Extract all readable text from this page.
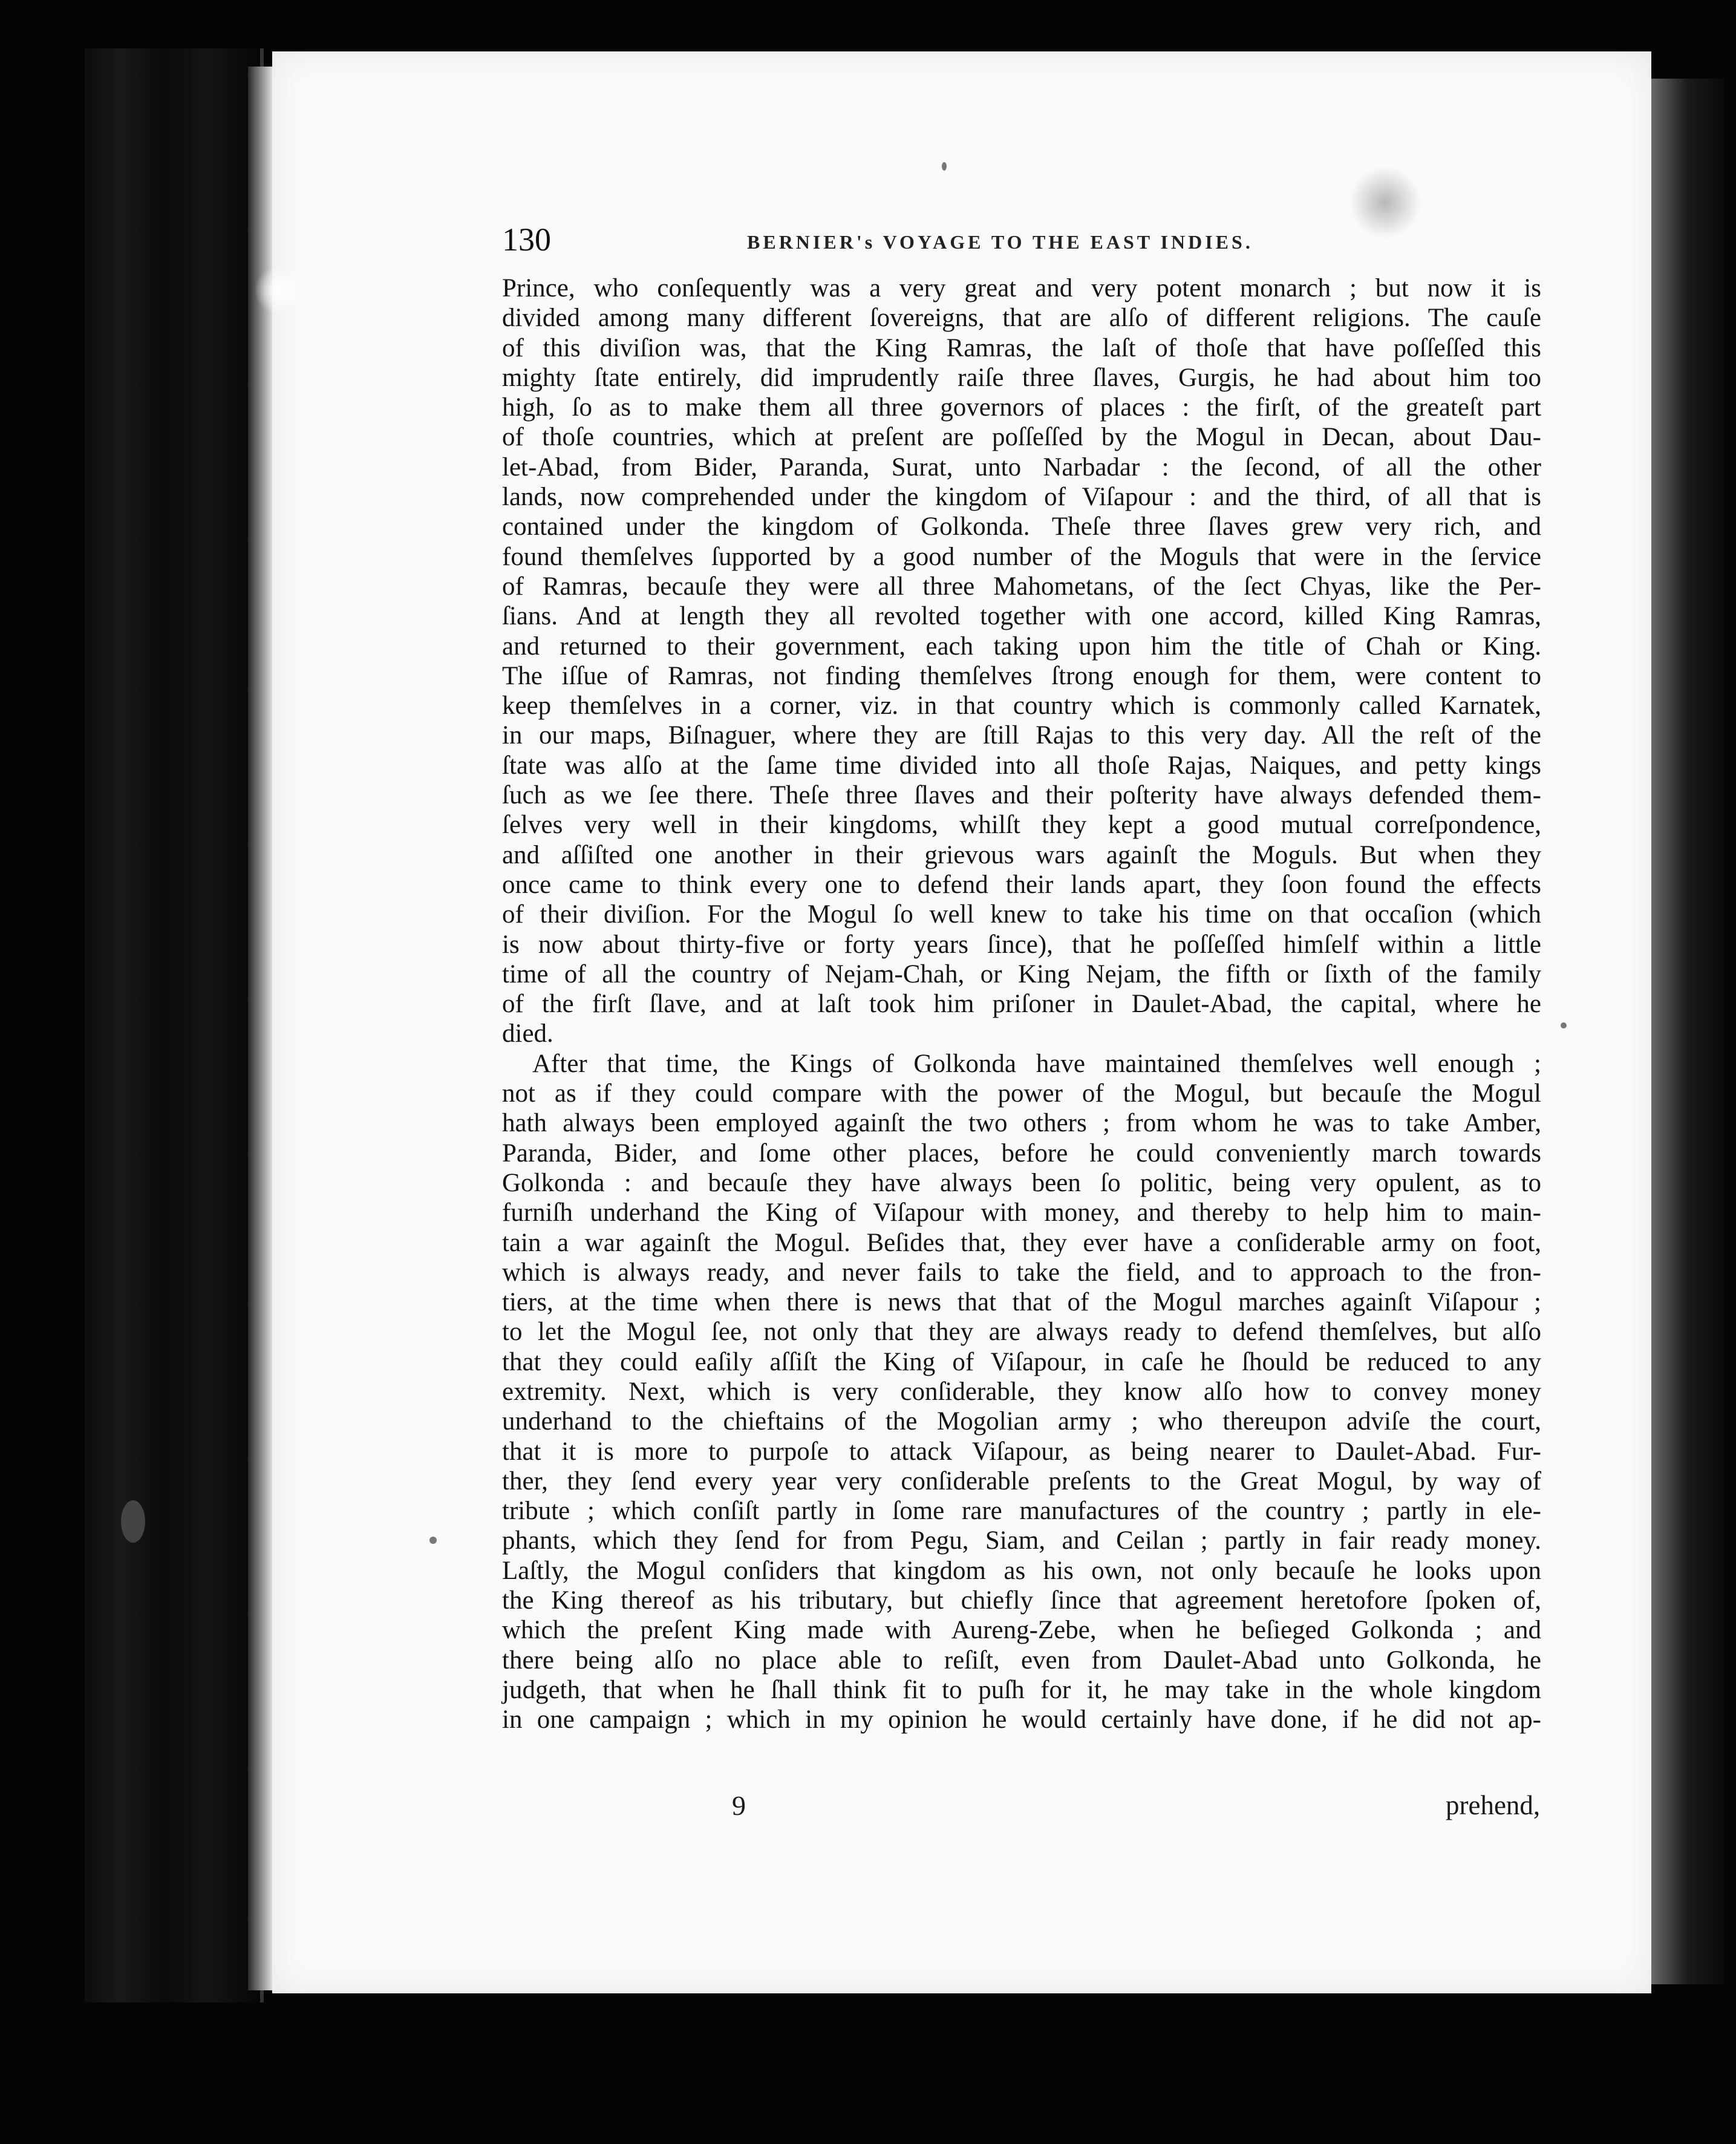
130	BERNIER's VOYAGE TO THE EAST INDIES.
Prince, who conſequently was a very great and very potent monarch ; but now it is
divided among many different ſovereigns, that are alſo of different religions. The cauſe
of this diviſion was, that the King Ramras, the laſt of thoſe that have poſſeſſed this
mighty ſtate entirely, did imprudently raiſe three ſlaves, Gurgis, he had about him too
high, ſo as to make them all three governors of places : the firſt, of the greateſt part
of thoſe countries, which at preſent are poſſeſſed by the Mogul in Decan, about Dau-
let-Abad, from Bider, Paranda, Surat, unto Narbadar : the ſecond, of all the other
lands, now comprehended under the kingdom of Viſapour : and the third, of all that is
contained under the kingdom of Golkonda. Theſe three ſlaves grew very rich, and
found themſelves ſupported by a good number of the Moguls that were in the ſervice
of Ramras, becauſe they were all three Mahometans, of the ſect Chyas, like the Per-
ſians. And at length they all revolted together with one accord, killed King Ramras,
and returned to their government, each taking upon him the title of Chah or King.
The iſſue of Ramras, not finding themſelves ſtrong enough for them, were content to
keep themſelves in a corner, viz. in that country which is commonly called Karnatek,
in our maps, Biſnaguer, where they are ſtill Rajas to this very day. All the reſt of the
ſtate was alſo at the ſame time divided into all thoſe Rajas, Naiques, and petty kings
ſuch as we ſee there. Theſe three ſlaves and their poſterity have always defended them-
ſelves very well in their kingdoms, whilſt they kept a good mutual correſpondence,
and aſſiſted one another in their grievous wars againſt the Moguls. But when they
once came to think every one to defend their lands apart, they ſoon found the effects
of their diviſion. For the Mogul ſo well knew to take his time on that occaſion (which
is now about thirty-five or forty years ſince), that he poſſeſſed himſelf within a little
time of all the country of Nejam-Chah, or King Nejam, the fifth or ſixth of the family
of the firſt ſlave, and at laſt took him priſoner in Daulet-Abad, the capital, where he
died.
After that time, the Kings of Golkonda have maintained themſelves well enough ;
not as if they could compare with the power of the Mogul, but becauſe the Mogul
hath always been employed againſt the two others ; from whom he was to take Amber,
Paranda, Bider, and ſome other places, before he could conveniently march towards
Golkonda : and becauſe they have always been ſo politic, being very opulent, as to
furniſh underhand the King of Viſapour with money, and thereby to help him to main-
tain a war againſt the Mogul. Beſides that, they ever have a conſiderable army on foot,
which is always ready, and never fails to take the field, and to approach to the fron-
tiers, at the time when there is news that that of the Mogul marches againſt Viſapour ;
to let the Mogul ſee, not only that they are always ready to defend themſelves, but alſo
that they could eaſily aſſiſt the King of Viſapour, in caſe he ſhould be reduced to any
extremity. Next, which is very conſiderable, they know alſo how to convey money
underhand to the chieftains of the Mogolian army ; who thereupon adviſe the court,
that it is more to purpoſe to attack Viſapour, as being nearer to Daulet-Abad. Fur-
ther, they ſend every year very conſiderable preſents to the Great Mogul, by way of
tribute ; which conſiſt partly in ſome rare manufactures of the country ; partly in ele-
phants, which they ſend for from Pegu, Siam, and Ceilan ; partly in fair ready money.
Laſtly, the Mogul conſiders that kingdom as his own, not only becauſe he looks upon
the King thereof as his tributary, but chiefly ſince that agreement heretofore ſpoken of,
which the preſent King made with Aureng-Zebe, when he beſieged Golkonda ; and
there being alſo no place able to reſiſt, even from Daulet-Abad unto Golkonda, he
judgeth, that when he ſhall think fit to puſh for it, he may take in the whole kingdom
in one campaign ; which in my opinion he would certainly have done, if he did not ap-
9	prehend,
